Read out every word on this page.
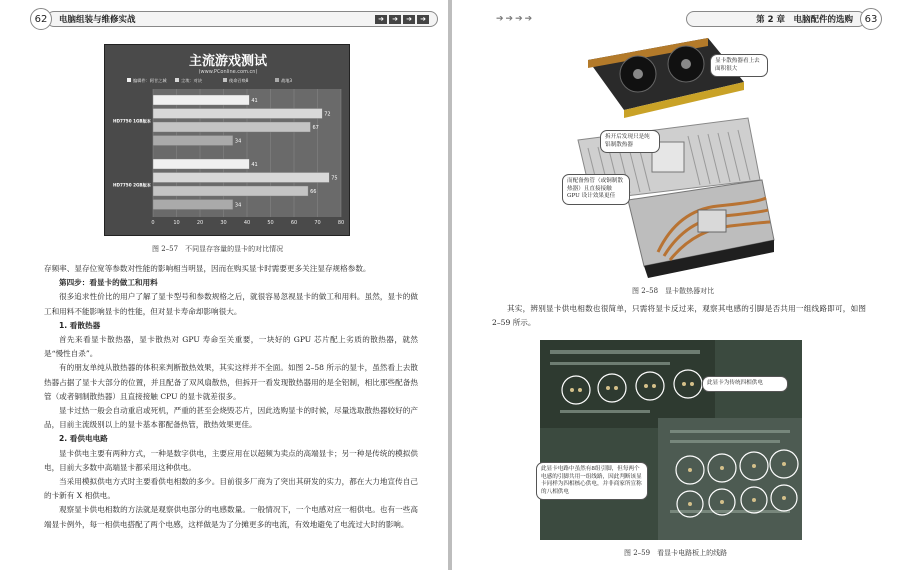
62	电脑组装与维修实战	➜	➜	➜	➜
主流游戏测试
(www.PConline.com.cn)
编辑件：阿甘之城	尘埃：对决	使命召唤8	战地3
0	10	20	30	40	50	60	70	80
HD7750 1GB版本
41
72
67
34
HD7750 2GB版本
41
75
66
34
图 2–57　不同显存容量的显卡的对比情况

存频率、显存位宽等参数对性能的影响相当明显，因而在购买显卡时需要更多关注显存规格参数。

第四步：看显卡的做工和用料

很多追求性价比的用户了解了显卡型号和参数规格之后，就很容易忽视显卡的做工和用料。虽然，显卡的做工和用料不能影响显卡的性能，但对显卡寿命却影响很大。

1. 看散热器

首先来看显卡散热器，显卡散热对 GPU 寿命至关重要，一块好的 GPU 芯片配上劣质的散热器，就然是“慢性自杀”。

有的朋友单纯从散热器的体积来判断散热效果，其实这样并不全面。如图 2–58 所示的显卡，虽然看上去散热器占据了显卡大部分的位置，并且配备了双风扇散热，但拆开一看发现散热器用的是全铝制，相比那些配备热管（或者铜制散热器）且直接接触 CPU 的显卡就差很多。

显卡过热一般会自动重启或死机，严重的甚至会烧毁芯片，因此选购显卡的时候，尽量选取散热器较好的产品，目前主流级别以上的显卡基本都配备热管，散热效果更佳。

2. 看供电电路

显卡供电主要有两种方式，一种是数字供电，主要应用在以超频为卖点的高端显卡；另一种是传统的模拟供电，目前大多数中高端显卡都采用这种供电。

当采用模拟供电方式时主要看供电相数的多少。目前很多厂商为了突出其研发的实力，都在大力地宣传自己的卡新有 X 相供电。

观察显卡供电相数的方法就是观察供电部分的电感数量。一般情况下，一个电感对应一相供电。也有一些高端显卡例外，每一相供电搭配了两个电感，这样做是为了分摊更多的电流，有效地避免了电流过大时的影响。

➔➔➔➔	第 2 章　电脑配件的选购	63
显卡散热器看上去面积很大
拆开后发现只是纯铝制散热器
而配备热管（或铜制散热器）且直接接触 GPU 设计效果更佳
图 2–58　显卡散热器对比

其实，辨别显卡供电相数也很简单，只需将显卡反过来，观察其电感的引脚是否共用一组线路即可，如图 2–59 所示。

此显卡为传统四相供电
此显卡电路中虽然有8组引脚，但每两个电感的引脚共用一组线路，因此判断该显卡同样为四相核心供电，并非商家所宣称的八相供电
图 2–59　看显卡电路板上的线路
